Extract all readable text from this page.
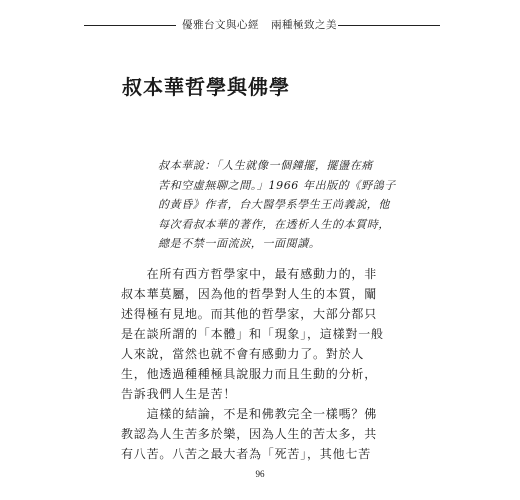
優雅台文與心經 兩種極致之美
叔本華哲學與佛學
叔本華說：「人生就像一個鐘擺，擺盪在痛
苦和空虛無聊之間。」1966 年出版的《野鴿子
的黃昏》作者，台大醫學系學生王尚義說，他
每次看叔本華的著作，在透析人生的本質時，
總是不禁一面流淚，一面閱讀。
　　在所有西方哲學家中，最有感動力的，非
叔本華莫屬，因為他的哲學對人生的本質，闡
述得極有見地。而其他的哲學家，大部分都只
是在談所謂的「本體」和「現象」，這樣對一般
人來說，當然也就不會有感動力了。對於人
生，他透過種種極具說服力而且生動的分析，
告訴我們人生是苦！
　　這樣的結論，不是和佛教完全一樣嗎？佛
教認為人生苦多於樂，因為人生的苦太多，共
有八苦。八苦之最大者為「死苦」，其他七苦
96
